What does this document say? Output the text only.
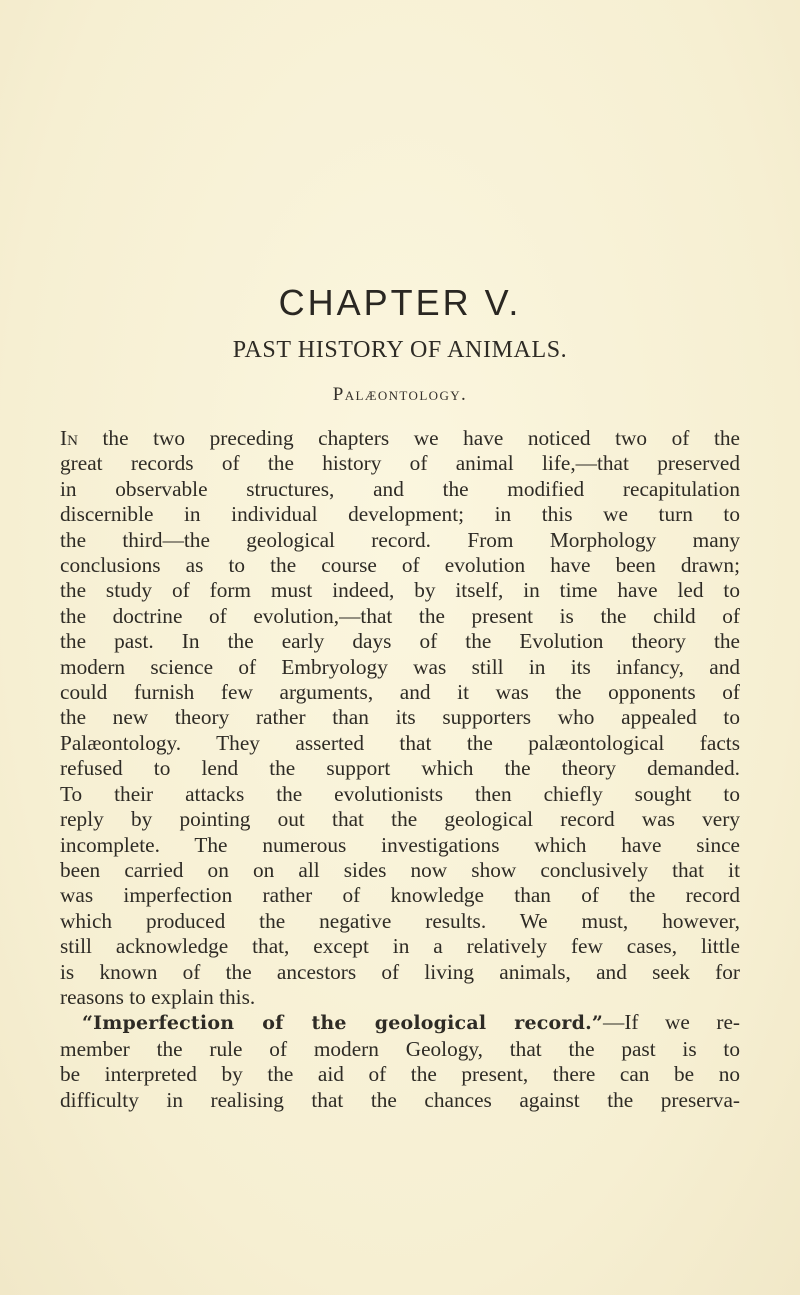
CHAPTER V.
PAST HISTORY OF ANIMALS.
Palæontology.
In the two preceding chapters we have noticed two of the
great records of the history of animal life,—that preserved
in observable structures, and the modified recapitulation
discernible in individual development; in this we turn to
the third—the geological record. From Morphology many
conclusions as to the course of evolution have been drawn;
the study of form must indeed, by itself, in time have led to
the doctrine of evolution,—that the present is the child of
the past. In the early days of the Evolution theory the
modern science of Embryology was still in its infancy, and
could furnish few arguments, and it was the opponents of
the new theory rather than its supporters who appealed to
Palæontology. They asserted that the palæontological facts
refused to lend the support which the theory demanded.
To their attacks the evolutionists then chiefly sought to
reply by pointing out that the geological record was very
incomplete. The numerous investigations which have since
been carried on on all sides now show conclusively that it
was imperfection rather of knowledge than of the record
which produced the negative results. We must, however,
still acknowledge that, except in a relatively few cases, little
is known of the ancestors of living animals, and seek for
reasons to explain this.
“Imperfection of the geological record.”—If we re-
member the rule of modern Geology, that the past is to
be interpreted by the aid of the present, there can be no
difficulty in realising that the chances against the preserva-
